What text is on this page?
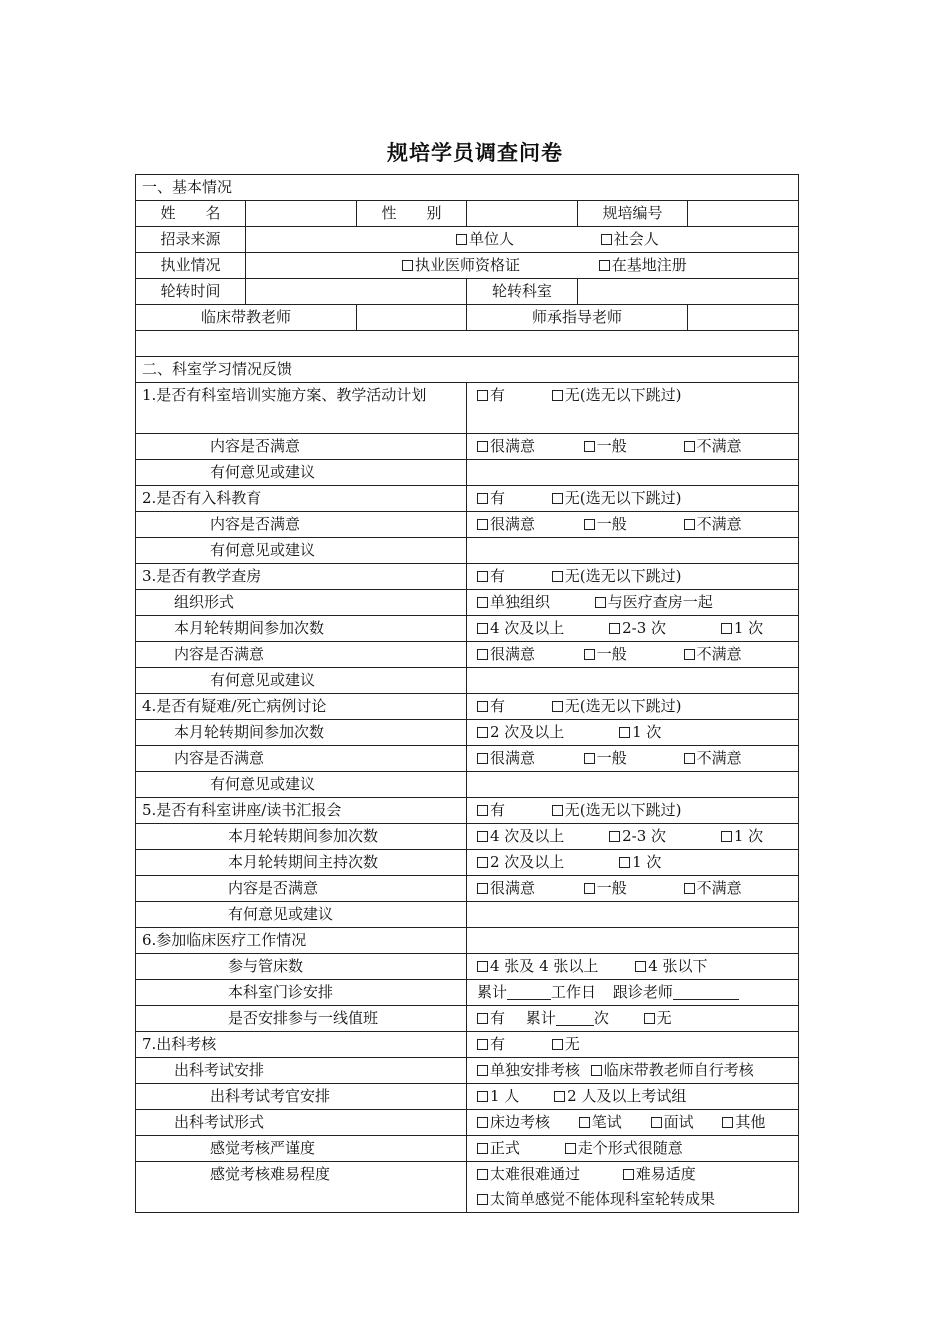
规培学员调查问卷
一、基本情况					
姓　　名		性　　别		规培编号	
招录来源	单位人 社会人				
执业情况	执业医师资格证 在基地注册				
轮转时间			轮转科室		
临床带教老师			师承指导老师		

二、科室学习情况反馈					
1.是否有科室培训实施方案、教学活动计划			有 无(选无以下跳过)		
内容是否满意			很满意 一般 不满意		
有何意见或建议					
2.是否有入科教育			有 无(选无以下跳过)		
内容是否满意			很满意 一般 不满意		
有何意见或建议					
3.是否有教学查房			有 无(选无以下跳过)		
组织形式			单独组织 与医疗查房一起		
本月轮转期间参加次数			4 次及以上 2-3 次 1 次		
内容是否满意			很满意 一般 不满意		
有何意见或建议					
4.是否有疑难/死亡病例讨论			有 无(选无以下跳过)		
本月轮转期间参加次数			2 次及以上 1 次		
内容是否满意			很满意 一般 不满意		
有何意见或建议					
5.是否有科室讲座/读书汇报会			有 无(选无以下跳过)		
本月轮转期间参加次数			4 次及以上 2-3 次 1 次		
本月轮转期间主持次数			2 次及以上 1 次		
内容是否满意			很满意 一般 不满意		
有何意见或建议					
6.参加临床医疗工作情况					
参与管床数			4 张及 4 张以上 4 张以下		
本科室门诊安排			累计 工作日 跟诊老师		
是否安排参与一线值班			有 累计 次 无		
7.出科考核			有 无		
出科考试安排			单独安排考核 临床带教老师自行考核		
出科考试考官安排			1 人 2 人及以上考试组		
出科考试形式			床边考核 笔试 面试 其他		
感觉考核严谨度			正式 走个形式很随意		
感觉考核难易程度			太难很难通过 难易适度
太简单感觉不能体现科室轮转成果		
